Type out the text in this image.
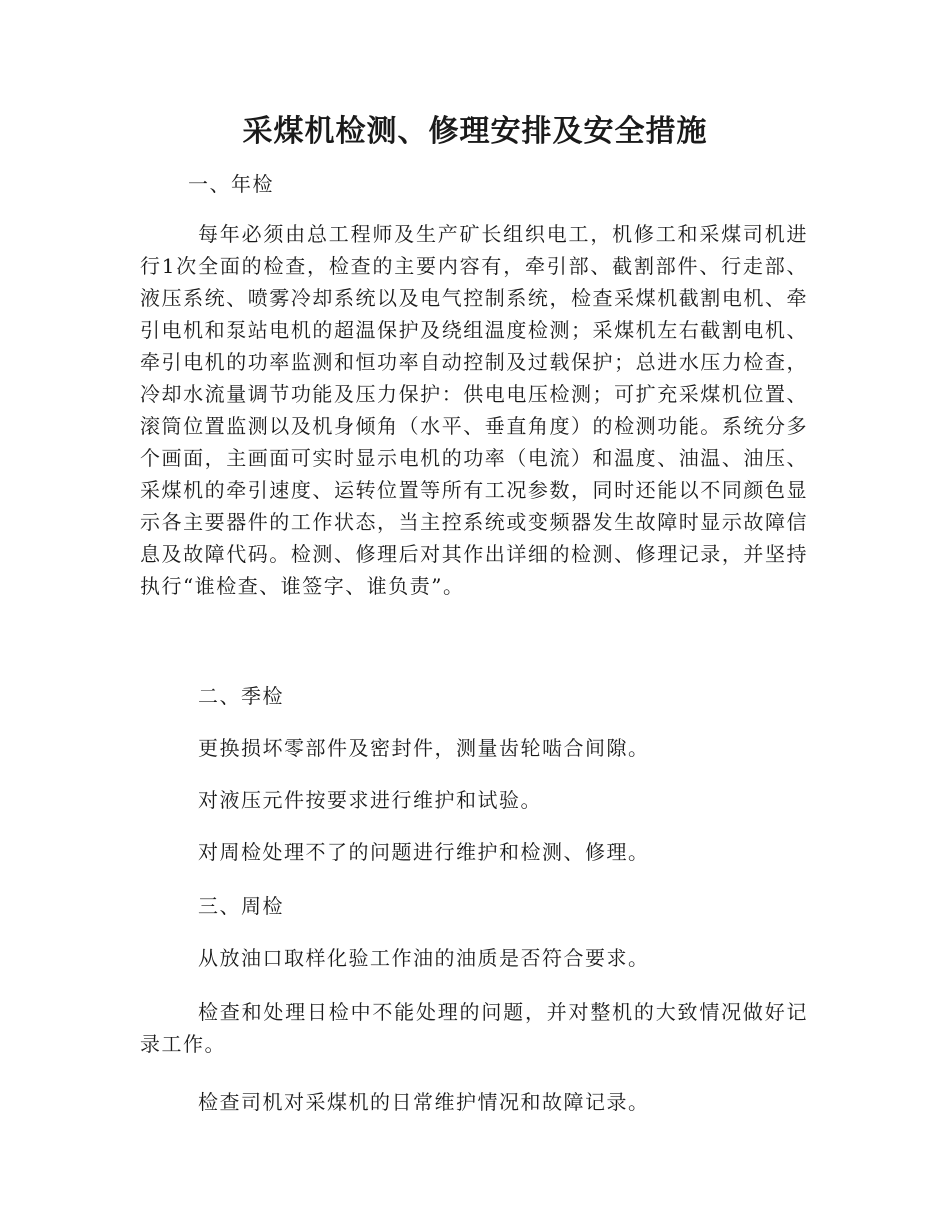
采煤机检测、修理安排及安全措施

一、年检

每年必须由总工程师及生产矿长组织电工，机修工和采煤司机进行1次全面的检查，检查的主要内容有，牵引部、截割部件、行走部、液压系统、喷雾冷却系统以及电气控制系统，检查采煤机截割电机、牵引电机和泵站电机的超温保护及绕组温度检测；采煤机左右截割电机、牵引电机的功率监测和恒功率自动控制及过载保护；总进水压力检查，冷却水流量调节功能及压力保护：供电电压检测；可扩充采煤机位置、滚筒位置监测以及机身倾角（水平、垂直角度）的检测功能。系统分多个画面，主画面可实时显示电机的功率（电流）和温度、油温、油压、采煤机的牵引速度、运转位置等所有工况参数，同时还能以不同颜色显示各主要器件的工作状态，当主控系统或变频器发生故障时显示故障信息及故障代码。检测、修理后对其作出详细的检测、修理记录，并坚持执行“谁检查、谁签字、谁负责”。

二、季检

更换损坏零部件及密封件，测量齿轮啮合间隙。

对液压元件按要求进行维护和试验。

对周检处理不了的问题进行维护和检测、修理。

三、周检

从放油口取样化验工作油的油质是否符合要求。

检查和处理日检中不能处理的问题，并对整机的大致情况做好记录工作。

检查司机对采煤机的日常维护情况和故障记录。
